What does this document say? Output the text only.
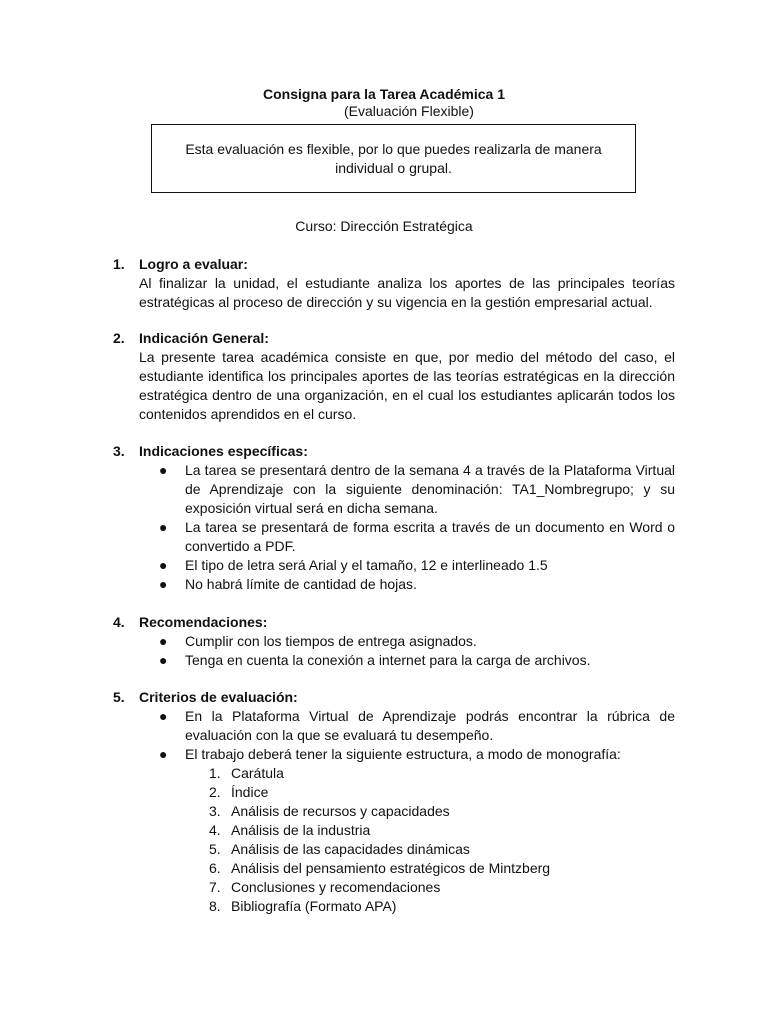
Consigna para la Tarea Académica 1
(Evaluación Flexible)
Esta evaluación es flexible, por lo que puedes realizarla de manera individual o grupal.
Curso: Dirección Estratégica
1.	Logro a evaluar:
Al finalizar la unidad, el estudiante analiza los aportes de las principales teorías estratégicas al proceso de dirección y su vigencia en la gestión empresarial actual.
2.	Indicación General:
La presente tarea académica consiste en que, por medio del método del caso, el estudiante identifica los principales aportes de las teorías estratégicas en la dirección estratégica dentro de una organización, en el cual los estudiantes aplicarán todos los contenidos aprendidos en el curso.
3.	Indicaciones específicas:
●	La tarea se presentará dentro de la semana 4 a través de la Plataforma Virtual de Aprendizaje con la siguiente denominación: TA1_Nombregrupo; y su exposición virtual será en dicha semana.
●	La tarea se presentará de forma escrita a través de un documento en Word o convertido a PDF.
●	El tipo de letra será Arial y el tamaño, 12 e interlineado 1.5
●	No habrá límite de cantidad de hojas.
4.	Recomendaciones:
●	Cumplir con los tiempos de entrega asignados.
●	Tenga en cuenta la conexión a internet para la carga de archivos.
5.	Criterios de evaluación:
●	En la Plataforma Virtual de Aprendizaje podrás encontrar la rúbrica de evaluación con la que se evaluará tu desempeño.
●	El trabajo deberá tener la siguiente estructura, a modo de monografía:
1. Carátula
2. Índice
3. Análisis de recursos y capacidades
4. Análisis de la industria
5. Análisis de las capacidades dinámicas
6. Análisis del pensamiento estratégicos de Mintzberg
7. Conclusiones y recomendaciones
8. Bibliografía (Formato APA)
